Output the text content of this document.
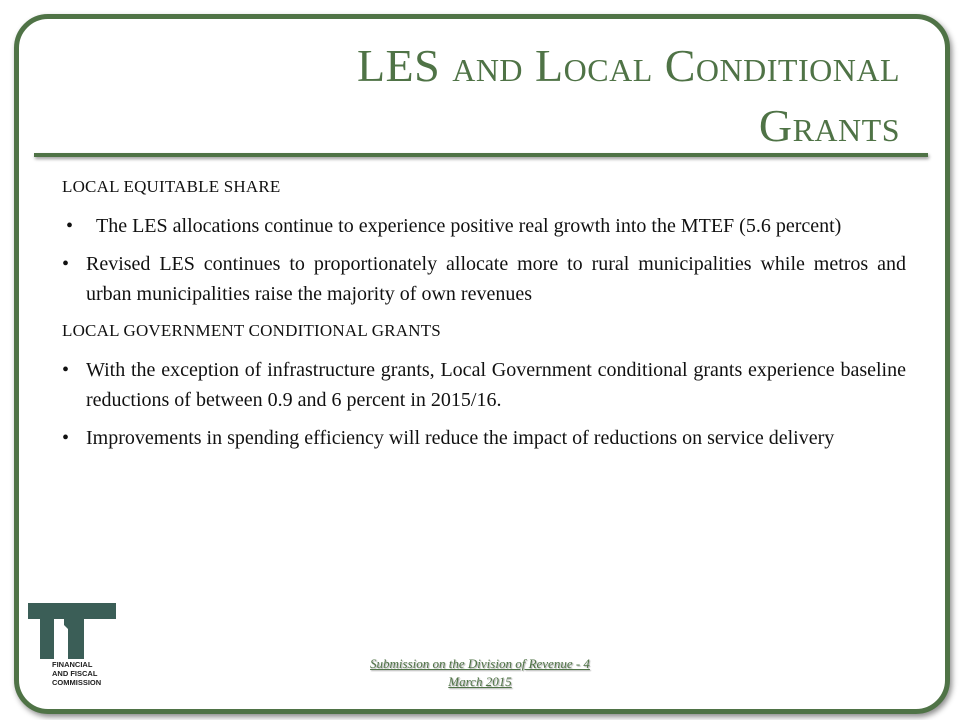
LES and Local Conditional
Grants
LOCAL EQUITABLE SHARE
• The LES allocations continue to experience positive real growth into the MTEF (5.6 percent)
• Revised LES continues to proportionately allocate more to rural municipalities while metros and urban municipalities raise the majority of own revenues
LOCAL GOVERNMENT CONDITIONAL GRANTS
• With the exception of infrastructure grants, Local Government conditional grants experience baseline reductions of between 0.9 and 6 percent in 2015/16.
• Improvements in spending efficiency will reduce the impact of reductions on service delivery
FINANCIAL
AND FISCAL
COMMISSION
Submission on the Division of Revenue - 4
March 2015
